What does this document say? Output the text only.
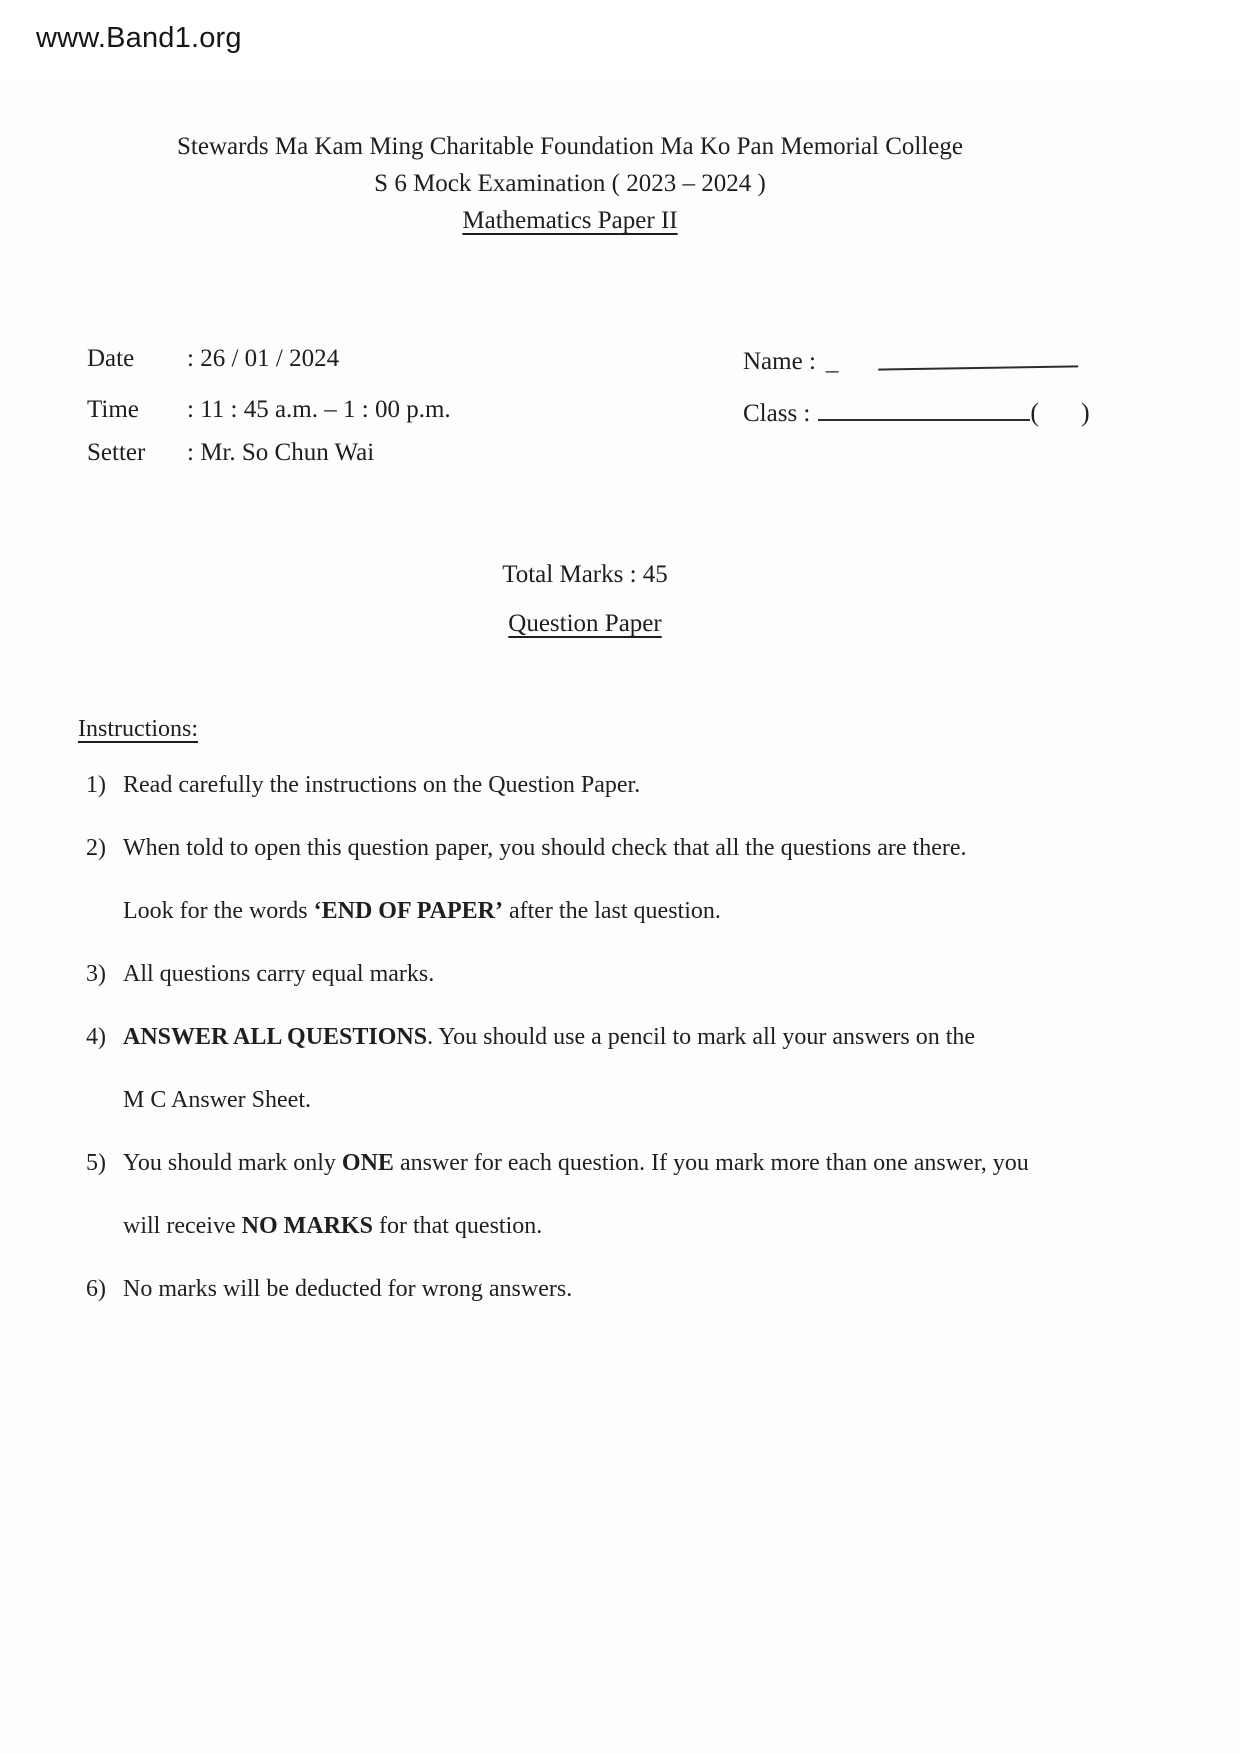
www.Band1.org
Stewards Ma Kam Ming Charitable Foundation Ma Ko Pan Memorial College
S 6 Mock Examination ( 2023 – 2024 )
Mathematics Paper II
Date	: 26 / 01 / 2024
Time	: 11 : 45 a.m. – 1 : 00 p.m.
Setter	: Mr. So Chun Wai
Name : _
Class :	( )
Total Marks : 45
Question Paper
Instructions:
1) Read carefully the instructions on the Question Paper.
2) When told to open this question paper, you should check that all the questions are there.
Look for the words ‘END OF PAPER’ after the last question.
3) All questions carry equal marks.
4) ANSWER ALL QUESTIONS. You should use a pencil to mark all your answers on the
M C Answer Sheet.
5) You should mark only ONE answer for each question. If you mark more than one answer, you
will receive NO MARKS for that question.
6) No marks will be deducted for wrong answers.
